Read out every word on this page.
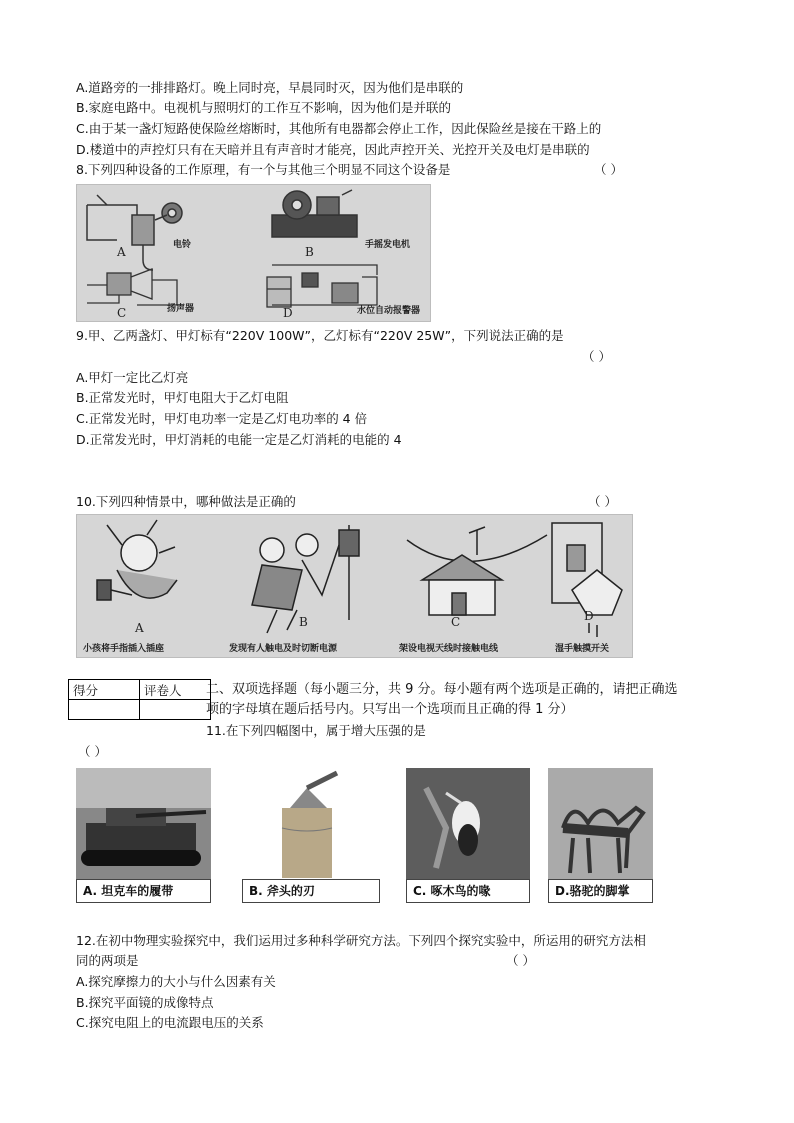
A.道路旁的一排排路灯。晚上同时亮，早晨同时灭，因为他们是串联的
B.家庭电路中。电视机与照明灯的工作互不影响，因为他们是并联的
C.由于某一盏灯短路使保险丝熔断时，其他所有电器都会停止工作，因此保险丝是接在干路上的
D.楼道中的声控灯只有在天暗并且有声音时才能亮，因此声控开关、光控开关及电灯是串联的
8.下列四种设备的工作原理，有一个与其他三个明显不同这个设备是	（ ）
A	B
C	D
电铃	手摇发电机
扬声器	水位自动报警器
9.甲、乙两盏灯、甲灯标有“220V 100W”，乙灯标有“220V 25W”，下列说法正确的是
（ ）
A.甲灯一定比乙灯亮
B.正常发光时，甲灯电阻大于乙灯电阻
C.正常发光时，甲灯电功率一定是乙灯电功率的 4 倍
D.正常发光时，甲灯消耗的电能一定是乙灯消耗的电能的 4
10.下列四种情景中，哪种做法是正确的	（ ）
A	B	C	D
小孩将手指插入插座	发现有人触电及时切断电源	架设电视天线时接触电线	湿手触摸开关
得分	评卷人
	二、双项选择题（每小题三分，共 9 分。每小题有两个选项是正确的，请把正确选
项的字母填在题后括号内。只写出一个选项而且正确的得 1 分）
11.在下列四幅图中，属于增大压强的是
（ ）
A. 坦克车的履带	B. 斧头的刃	C. 啄木鸟的喙	D.骆驼的脚掌
12.在初中物理实验探究中，我们运用过多种科学研究方法。下列四个探究实验中，所运用的研究方法相
同的两项是	（ ）
A.探究摩擦力的大小与什么因素有关
B.探究平面镜的成像特点
C.探究电阻上的电流跟电压的关系
